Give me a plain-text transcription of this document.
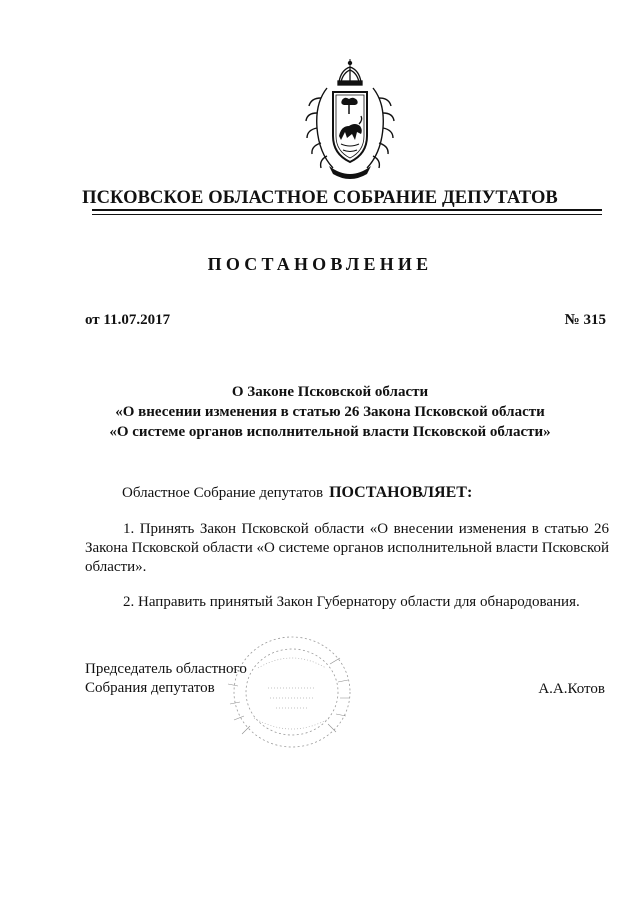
ПСКОВСКОЕ ОБЛАСТНОЕ СОБРАНИЕ ДЕПУТАТОВ
ПОСТАНОВЛЕНИЕ
от 11.07.2017	№ 315
О Законе Псковской области
«О внесении изменения в статью 26 Закона Псковской области
«О системе органов исполнительной власти Псковской области»
Областное Собрание депутатов ПОСТАНОВЛЯЕТ:
1. Принять Закон Псковской области «О внесении изменения в статью 26 Закона Псковской области «О системе органов исполнительной власти Псковской области».
2. Направить принятый Закон Губернатору области для обнародования.
Председатель областного
Собрания депутатов	А.А.Котов
